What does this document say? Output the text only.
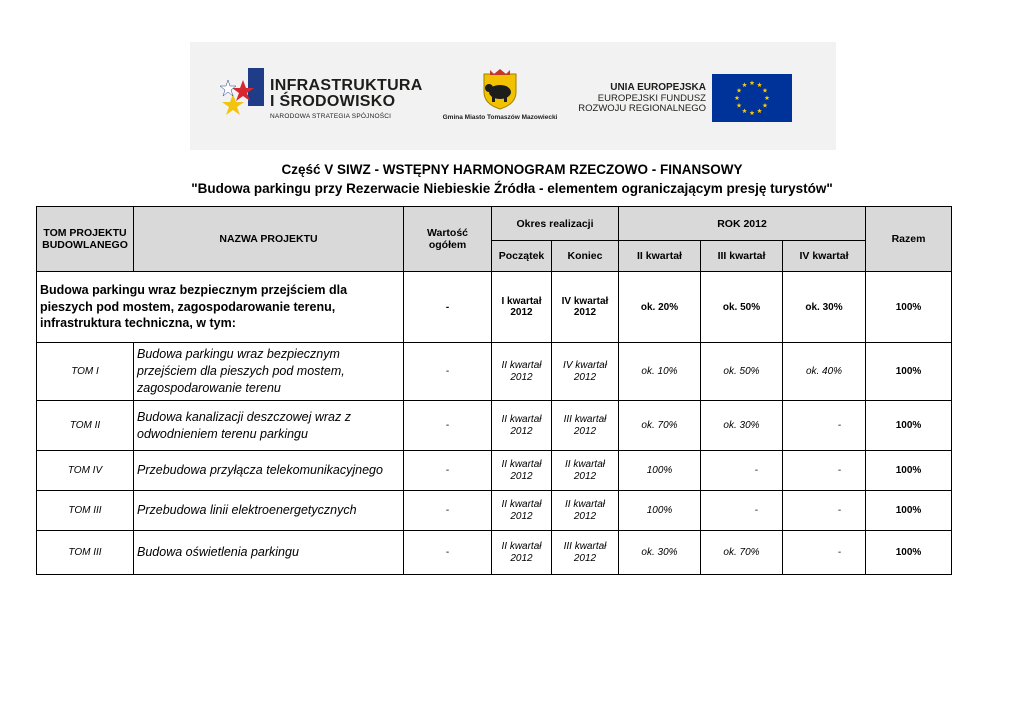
INFRASTRUKTURA
I ŚRODOWISKO
NARODOWA STRATEGIA SPÓJNOŚCI	Gmina Miasto Tomaszów Mazowiecki
UNIA EUROPEJSKA
EUROPEJSKI FUNDUSZ
ROZWOJU REGIONALNEGO
Część V SIWZ - WSTĘPNY HARMONOGRAM RZECZOWO - FINANSOWY
"Budowa parkingu przy Rezerwacie Niebieskie Źródła - elementem ograniczającym presję turystów"
TOM PROJEKTU BUDOWLANEGO	NAZWA PROJEKTU	Wartość ogółem	Okres realizacji		ROK 2012			Razem
			Początek	Koniec	II kwartał	III kwartał	IV kwartał	
Budowa parkingu wraz bezpiecznym przejściem dla pieszych pod mostem, zagospodarowanie terenu, infrastruktura techniczna, w tym:		-	I kwartał 2012	IV kwartał 2012	ok. 20%	ok. 50%	ok. 30%	100%
TOM I	Budowa parkingu wraz bezpiecznym przejściem dla pieszych pod mostem, zagospodarowanie terenu	-	II kwartał 2012	IV kwartał 2012	ok. 10%	ok. 50%	ok. 40%	100%
TOM II	Budowa kanalizacji deszczowej wraz z odwodnieniem terenu parkingu	-	II kwartał 2012	III kwartał 2012	ok. 70%	ok. 30%	-	100%
TOM IV	Przebudowa przyłącza telekomunikacyjnego	-	II kwartał 2012	II kwartał 2012	100%	-	-	100%
TOM III	Przebudowa linii elektroenergetycznych	-	II kwartał 2012	II kwartał 2012	100%	-	-	100%
TOM III	Budowa oświetlenia parkingu	-	II kwartał 2012	III kwartał 2012	ok. 30%	ok. 70%	-	100%
